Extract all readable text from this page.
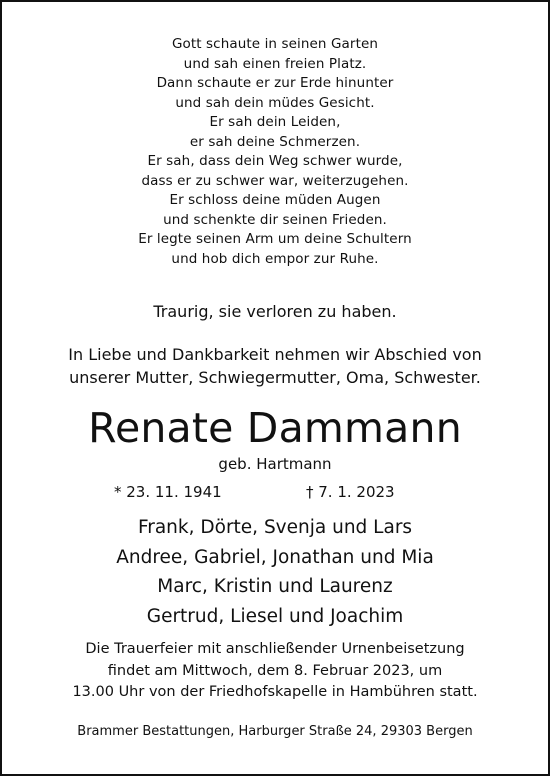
Gott schaute in seinen Garten
und sah einen freien Platz.
Dann schaute er zur Erde hinunter
und sah dein müdes Gesicht.
Er sah dein Leiden,
er sah deine Schmerzen.
Er sah, dass dein Weg schwer wurde,
dass er zu schwer war, weiterzugehen.
Er schloss deine müden Augen
und schenkte dir seinen Frieden.
Er legte seinen Arm um deine Schultern
und hob dich empor zur Ruhe.
Traurig, sie verloren zu haben.
In Liebe und Dankbarkeit nehmen wir Abschied von
unserer Mutter, Schwiegermutter, Oma, Schwester.
Renate Dammann
geb. Hartmann
* 23. 11. 1941	† 7. 1. 2023
Frank, Dörte, Svenja und Lars
Andree, Gabriel, Jonathan und Mia
Marc, Kristin und Laurenz
Gertrud, Liesel und Joachim
Die Trauerfeier mit anschließender Urnenbeisetzung
findet am Mittwoch, dem 8. Februar 2023, um
13.00 Uhr von der Friedhofskapelle in Hambühren statt.
Brammer Bestattungen, Harburger Straße 24, 29303 Bergen
